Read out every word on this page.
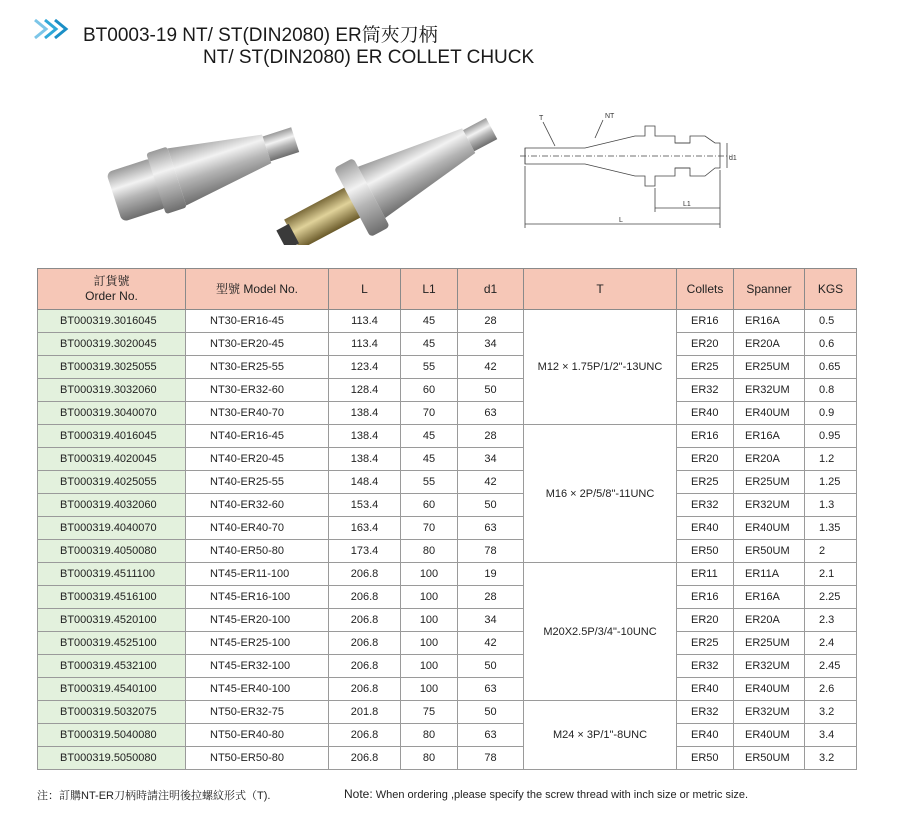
BT0003-19 NT/ ST(DIN2080) ER筒夾刀柄
NT/ ST(DIN2080) ER COLLET CHUCK
T	NT
d1
L1
L
訂貨號
Order No.	型號 Model No.	L	L1	d1	T	Collets	Spanner	KGS
BT000319.3016045	NT30-ER16-45	113.4	45	28	M12 × 1.75P/1/2"-13UNC	ER16	ER16A	0.5
BT000319.3020045	NT30-ER20-45	113.4	45	34		ER20	ER20A	0.6
BT000319.3025055	NT30-ER25-55	123.4	55	42		ER25	ER25UM	0.65
BT000319.3032060	NT30-ER32-60	128.4	60	50		ER32	ER32UM	0.8
BT000319.3040070	NT30-ER40-70	138.4	70	63		ER40	ER40UM	0.9
BT000319.4016045	NT40-ER16-45	138.4	45	28	M16 × 2P/5/8"-11UNC	ER16	ER16A	0.95
BT000319.4020045	NT40-ER20-45	138.4	45	34		ER20	ER20A	1.2
BT000319.4025055	NT40-ER25-55	148.4	55	42		ER25	ER25UM	1.25
BT000319.4032060	NT40-ER32-60	153.4	60	50		ER32	ER32UM	1.3
BT000319.4040070	NT40-ER40-70	163.4	70	63		ER40	ER40UM	1.35
BT000319.4050080	NT40-ER50-80	173.4	80	78		ER50	ER50UM	2
BT000319.4511100	NT45-ER11-100	206.8	100	19	M20X2.5P/3/4"-10UNC	ER11	ER11A	2.1
BT000319.4516100	NT45-ER16-100	206.8	100	28		ER16	ER16A	2.25
BT000319.4520100	NT45-ER20-100	206.8	100	34		ER20	ER20A	2.3
BT000319.4525100	NT45-ER25-100	206.8	100	42		ER25	ER25UM	2.4
BT000319.4532100	NT45-ER32-100	206.8	100	50		ER32	ER32UM	2.45
BT000319.4540100	NT45-ER40-100	206.8	100	63		ER40	ER40UM	2.6
BT000319.5032075	NT50-ER32-75	201.8	75	50	M24 × 3P/1"-8UNC	ER32	ER32UM	3.2
BT000319.5040080	NT50-ER40-80	206.8	80	63		ER40	ER40UM	3.4
BT000319.5050080	NT50-ER50-80	206.8	80	78		ER50	ER50UM	3.2
注：訂購NT-ER刀柄時請注明後拉螺紋形式（T).	Note: When ordering ,please specify the screw thread with inch size or metric size.
